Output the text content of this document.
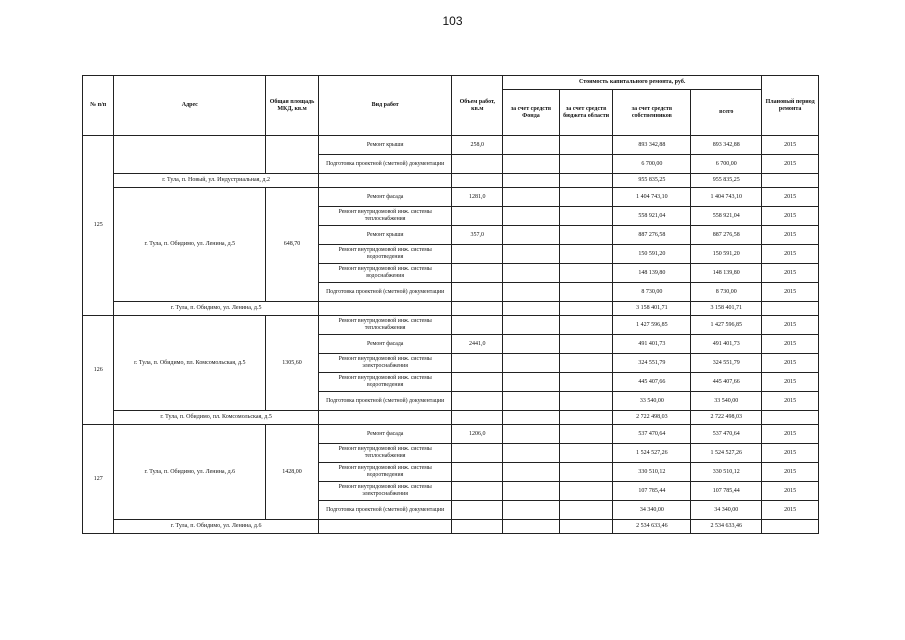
103
№ п/п	Адрес	Общая площадь МКД, кв.м	Вид работ	Объем работ, кв.м	Стоимость капитального ремонта, руб.				Плановый период ремонта
					за счет средств Фонда	за счет средств бюджета области	за счет средств собственников	всего	
125			Ремонт крыши	258,0			893 342,88	893 342,88	2015
			Подготовка проектной (сметной) документации				6 700,00	6 700,00	2015
	г. Тула, п. Новый, ул. Индустриальная, д.2						955 835,25	955 835,25	
	г. Тула, п. Обидимо, ул. Ленина, д.5	648,70	Ремонт фасада	1281,0			1 404 743,10	1 404 743,10	2015
			Ремонт внутридомовой инж. системы теплоснабжения				558 921,04	558 921,04	2015
			Ремонт крыши	357,0			887 276,58	887 276,58	2015
			Ремонт внутридомовой инж. системы водоотведения				150 591,20	150 591,20	2015
			Ремонт внутридомовой инж. системы водоснабжения				148 139,80	148 139,80	2015
			Подготовка проектной (сметной) документации				8 730,00	8 730,00	2015
	г. Тула, п. Обидимо, ул. Ленина, д.5						3 158 401,71	3 158 401,71	
126	г. Тула, п. Обидимо, пл. Комсомольская, д.5	1305,60	Ремонт внутридомовой инж. системы теплоснабжения				1 427 596,85	1 427 596,85	2015
			Ремонт фасада	2441,0			491 401,73	491 401,73	2015
			Ремонт внутридомовой инж. системы электроснабжения				324 551,79	324 551,79	2015
			Ремонт внутридомовой инж. системы водоотведения				445 407,66	445 407,66	2015
			Подготовка проектной (сметной) документации				33 540,00	33 540,00	2015
	г. Тула, п. Обидимо, пл. Комсомольская, д.5						2 722 498,03	2 722 498,03	
127	г. Тула, п. Обидимо, ул. Ленина, д.6	1428,00	Ремонт фасада	1206,0			537 470,64	537 470,64	2015
			Ремонт внутридомовой инж. системы теплоснабжения				1 524 527,26	1 524 527,26	2015
			Ремонт внутридомовой инж. системы водоотведения				330 510,12	330 510,12	2015
			Ремонт внутридомовой инж. системы электроснабжения				107 785,44	107 785,44	2015
			Подготовка проектной (сметной) документации				34 340,00	34 340,00	2015
	г. Тула, п. Обидимо, ул. Ленина, д.6						2 534 633,46	2 534 633,46	
